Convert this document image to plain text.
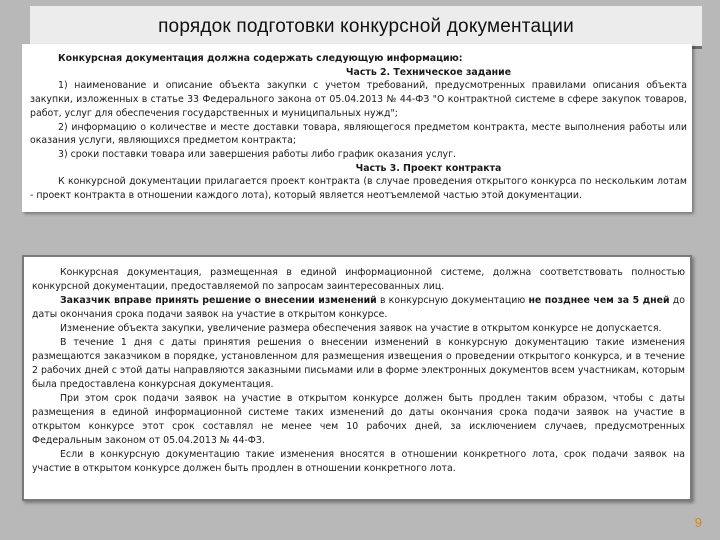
порядок подготовки конкурсной документации

Конкурсная документация должна содержать следующую информацию:

Часть 2. Техническое задание

1) наименование и описание объекта закупки с учетом требований, предусмотренных правилами описания объекта закупки, изложенных в статье 33 Федерального закона от 05.04.2013 № 44-ФЗ "О контрактной системе в сфере закупок товаров, работ, услуг для обеспечения государственных и муниципальных нужд";

2) информацию о количестве и месте доставки товара, являющегося предметом контракта, месте выполнения работы или оказания услуги, являющихся предметом контракта;

3) сроки поставки товара или завершения работы либо график оказания услуг.

Часть 3. Проект контракта

К конкурсной документации прилагается проект контракта (в случае проведения открытого конкурса по нескольким лотам - проект контракта в отношении каждого лота), который является неотъемлемой частью этой документации.

Конкурсная документация, размещенная в единой информационной системе, должна соответствовать полностью конкурсной документации, предоставляемой по запросам заинтересованных лиц.

Заказчик вправе принять решение о внесении изменений в конкурсную документацию не позднее чем за 5 дней до даты окончания срока подачи заявок на участие в открытом конкурсе.

Изменение объекта закупки, увеличение размера обеспечения заявок на участие в открытом конкурсе не допускается.

В течение 1 дня с даты принятия решения о внесении изменений в конкурсную документацию такие изменения размещаются заказчиком в порядке, установленном для размещения извещения о проведении открытого конкурса, и в течение 2 рабочих дней с этой даты направляются заказными письмами или в форме электронных документов всем участникам, которым была предоставлена конкурсная документация.

При этом срок подачи заявок на участие в открытом конкурсе должен быть продлен таким образом, чтобы с даты размещения в единой информационной системе таких изменений до даты окончания срока подачи заявок на участие в открытом конкурсе этот срок составлял не менее чем 10 рабочих дней, за исключением случаев, предусмотренных Федеральным законом от 05.04.2013 № 44-ФЗ.

Если в конкурсную документацию такие изменения вносятся в отношении конкретного лота, срок подачи заявок на участие в открытом конкурсе должен быть продлен в отношении конкретного лота.

9
